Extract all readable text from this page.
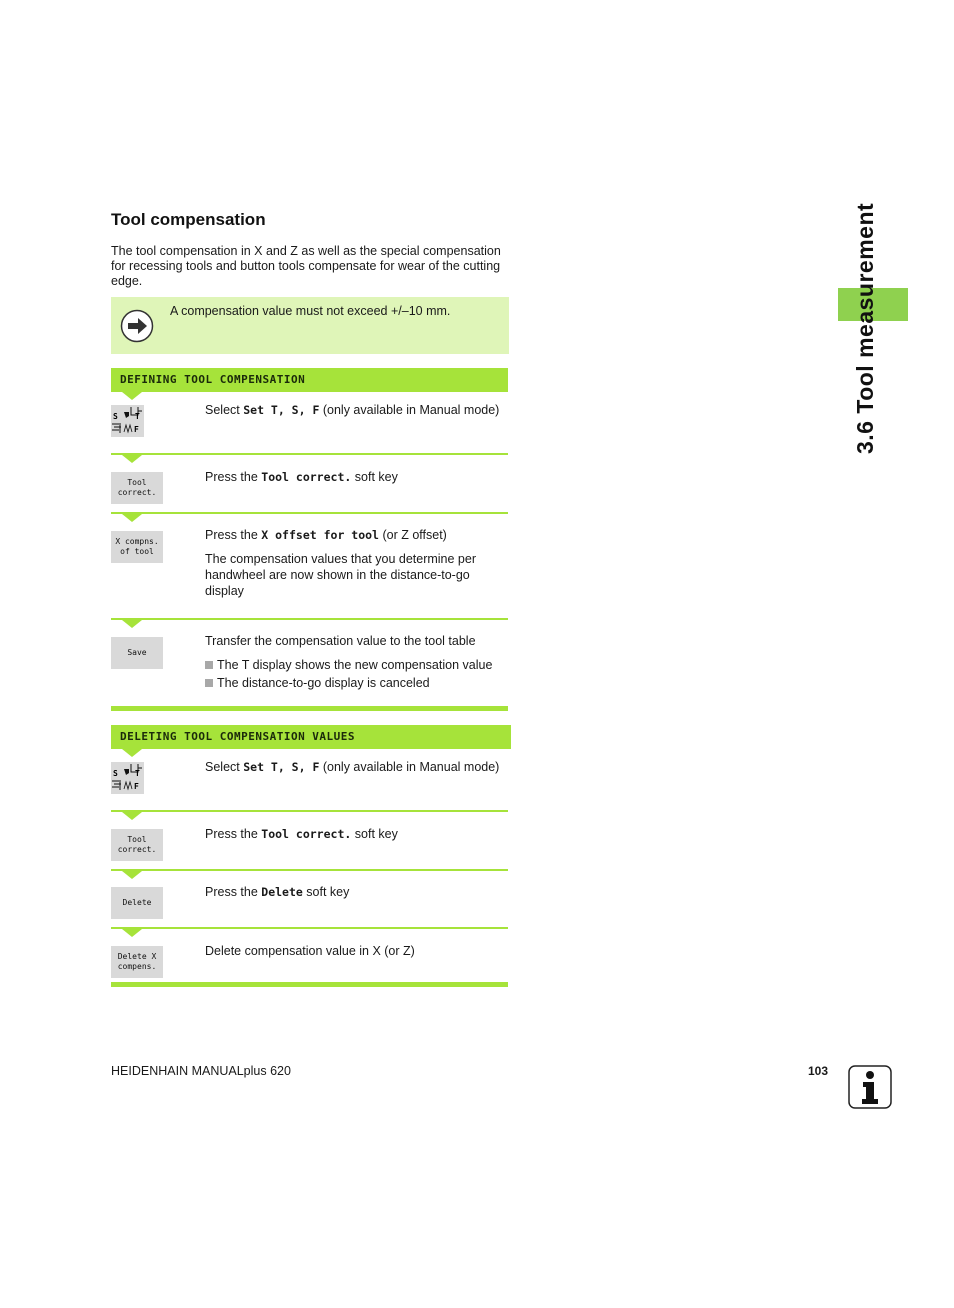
Tool compensation

The tool compensation in X and Z as well as the special compensation for recessing tools and button tools compensate for wear of the cutting edge.

A compensation value must not exceed +/–10 mm.
DEFINING TOOL COMPENSATION
S T
F
Select Set T, S, F (only available in Manual mode)
Tool
correct.
Press the Tool correct. soft key
X compns.
of tool
Press the X offset for tool (or Z offset)
The compensation values that you determine per handwheel are now shown in the distance-to-go display
Save
Transfer the compensation value to the tool table
The T display shows the new compensation value
The distance-to-go display is canceled
DELETING TOOL COMPENSATION VALUES
S T
F
Select Set T, S, F (only available in Manual mode)
Tool
correct.
Press the Tool correct. soft key
Delete
Press the Delete soft key
Delete X
compens.
Delete compensation value in X (or Z)
3.6 Tool measurement
HEIDENHAIN MANUALplus 620	103
